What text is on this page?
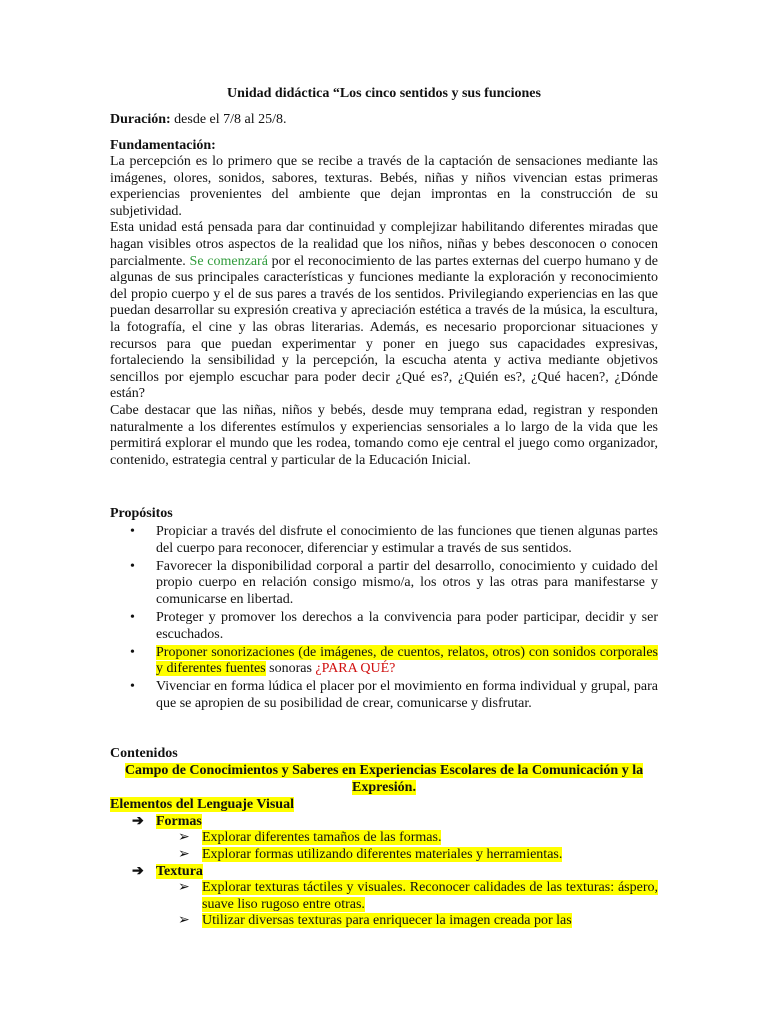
Unidad didáctica “Los cinco sentidos y sus funciones
Duración: desde el 7/8 al 25/8.
Fundamentación:

La percepción es lo primero que se recibe a través de la captación de sensaciones mediante las imágenes, olores, sonidos, sabores, texturas. Bebés, niñas y niños vivencian estas primeras experiencias provenientes del ambiente que dejan improntas en la construcción de su subjetividad.

Esta unidad está pensada para dar continuidad y complejizar habilitando diferentes miradas que hagan visibles otros aspectos de la realidad que los niños, niñas y bebes desconocen o conocen parcialmente. Se comenzará por el reconocimiento de las partes externas del cuerpo humano y de algunas de sus principales características y funciones mediante la exploración y reconocimiento del propio cuerpo y el de sus pares a través de los sentidos. Privilegiando experiencias en las que puedan desarrollar su expresión creativa y apreciación estética a través de la música, la escultura, la fotografía, el cine y las obras literarias. Además, es necesario proporcionar situaciones y recursos para que puedan experimentar y poner en juego sus capacidades expresivas, fortaleciendo la sensibilidad y la percepción, la escucha atenta y activa mediante objetivos sencillos por ejemplo escuchar para poder decir ¿Qué es?, ¿Quién es?, ¿Qué hacen?, ¿Dónde están?

Cabe destacar que las niñas, niños y bebés, desde muy temprana edad, registran y responden naturalmente a los diferentes estímulos y experiencias sensoriales a lo largo de la vida que les permitirá explorar el mundo que les rodea, tomando como eje central el juego como organizador, contenido, estrategia central y particular de la Educación Inicial.

Propósitos
• Propiciar a través del disfrute el conocimiento de las funciones que tienen algunas partes del cuerpo para reconocer, diferenciar y estimular a través de sus sentidos.
• Favorecer la disponibilidad corporal a partir del desarrollo, conocimiento y cuidado del propio cuerpo en relación consigo mismo/a, los otros y las otras para manifestarse y comunicarse en libertad.
• Proteger y promover los derechos a la convivencia para poder participar, decidir y ser escuchados.
• Proponer sonorizaciones (de imágenes, de cuentos, relatos, otros) con sonidos corporales y diferentes fuentes sonoras ¿PARA QUÉ?
• Vivenciar en forma lúdica el placer por el movimiento en forma individual y grupal, para que se apropien de su posibilidad de crear, comunicarse y disfrutar.
Contenidos
Campo de Conocimientos y Saberes en Experiencias Escolares de la Comunicación y la Expresión.
Elementos del Lenguaje Visual
➔ Formas
➢ Explorar diferentes tamaños de las formas.
➢ Explorar formas utilizando diferentes materiales y herramientas.
➔ Textura
➢ Explorar texturas táctiles y visuales. Reconocer calidades de las texturas: áspero, suave liso rugoso entre otras.
➢ Utilizar diversas texturas para enriquecer la imagen creada por las
